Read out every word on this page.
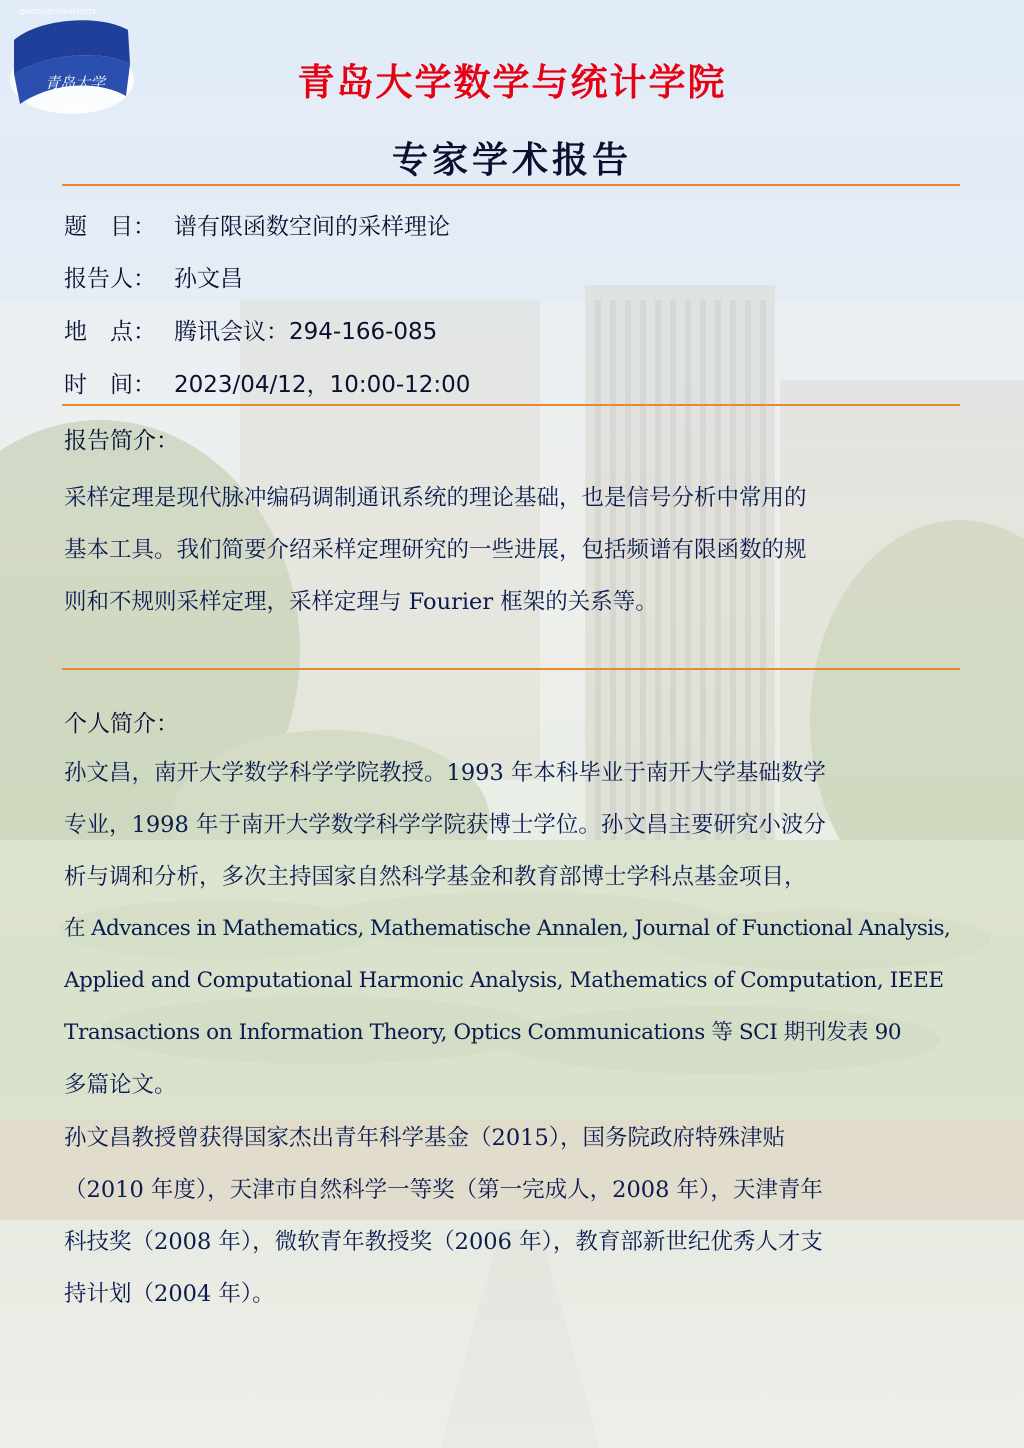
青岛大学
1909
QINGDAO UNIVERSITY
青岛大学数学与统计学院
专家学术报告
题　目： 谱有限函数空间的采样理论
报告人： 孙文昌
地　点： 腾讯会议：294-166-085
时　间： 2023/04/12，10:00-12:00
报告简介：
采样定理是现代脉冲编码调制通讯系统的理论基础，也是信号分析中常用的
基本工具。我们简要介绍采样定理研究的一些进展，包括频谱有限函数的规
则和不规则采样定理，采样定理与 Fourier 框架的关系等。
个人简介：
孙文昌，南开大学数学科学学院教授。1993 年本科毕业于南开大学基础数学
专业，1998 年于南开大学数学科学学院获博士学位。孙文昌主要研究小波分
析与调和分析，多次主持国家自然科学基金和教育部博士学科点基金项目，
在 Advances in Mathematics, Mathematische Annalen, Journal of Functional Analysis,
Applied and Computational Harmonic Analysis, Mathematics of Computation, IEEE
Transactions on Information Theory, Optics Communications 等 SCI 期刊发表 90
多篇论文。
孙文昌教授曾获得国家杰出青年科学基金（2015），国务院政府特殊津贴
（2010 年度），天津市自然科学一等奖（第一完成人，2008 年），天津青年
科技奖（2008 年），微软青年教授奖（2006 年），教育部新世纪优秀人才支
持计划（2004 年）。
